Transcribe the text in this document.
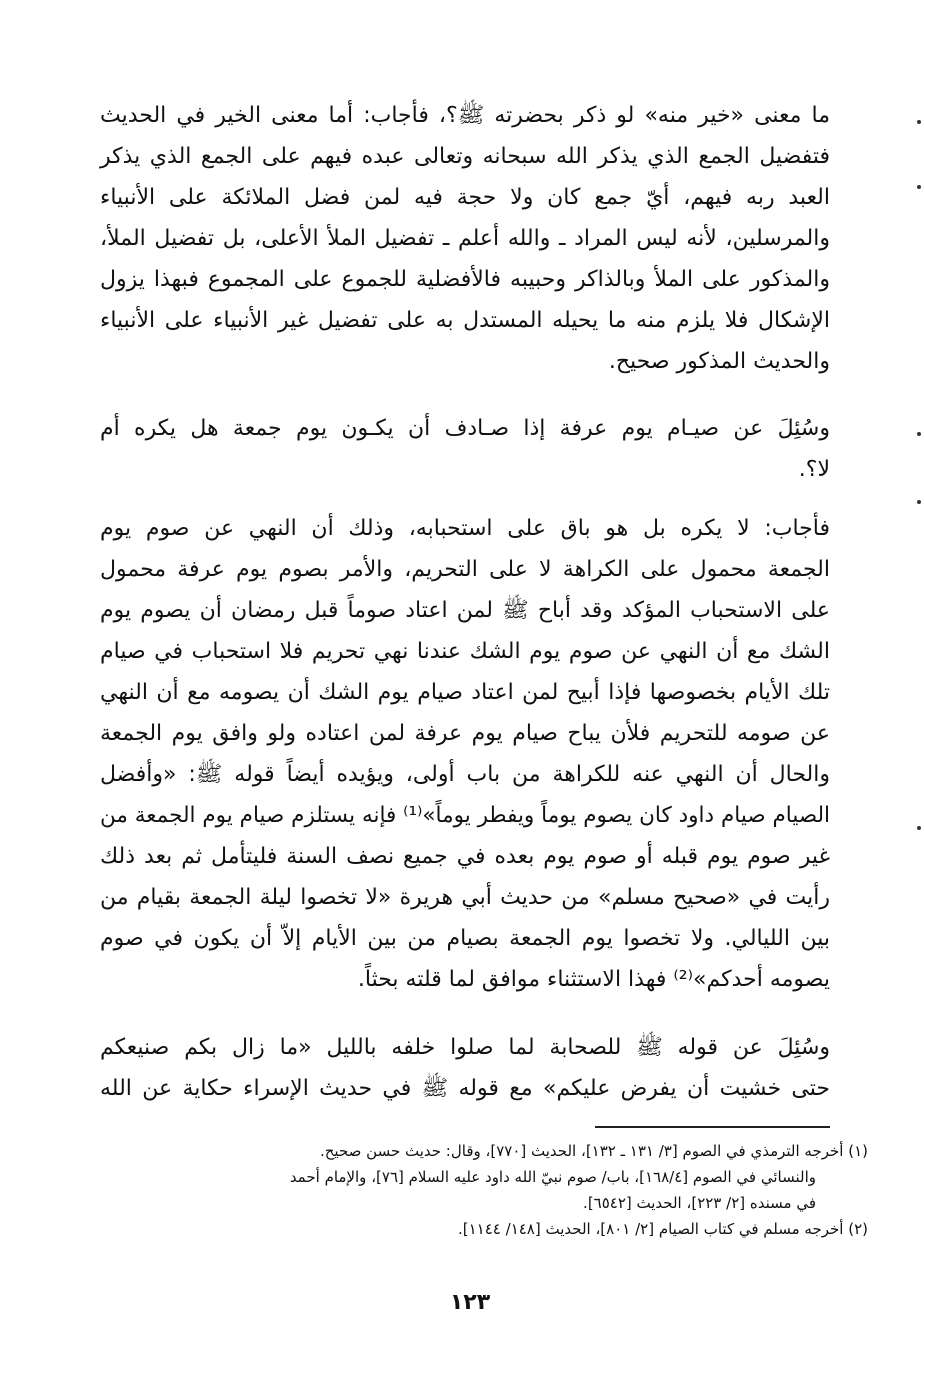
ما معنى «خير منه» لو ذكر بحضرته ﷺ؟، فأجاب: أما معنى الخير في الحديث
فتفضيل الجمع الذي يذكر الله سبحانه وتعالى عبده فيهم على الجمع الذي يذكر
العبد ربه فيهم، أيّ جمع كان ولا حجة فيه لمن فضل الملائكة على الأنبياء
والمرسلين، لأنه ليس المراد ـ والله أعلم ـ تفضيل الملأ الأعلى، بل تفضيل الملأ،
والمذكور على الملأ وبالذاكر وحبيبه فالأفضلية للجموع على المجموع فبهذا يزول
الإشكال فلا يلزم منه ما يحيله المستدل به على تفضيل غير الأنبياء على الأنبياء
والحديث المذكور صحيح.
وسُئِلَ عن صيـام يوم عرفة إذا صـادف أن يكـون يوم جمعة هل يكره أم
لا؟.
فأجاب: لا يكره بل هو باق على استحبابه، وذلك أن النهي عن صوم يوم
الجمعة محمول على الكراهة لا على التحريم، والأمر بصوم يوم عرفة محمول
على الاستحباب المؤكد وقد أباح ﷺ لمن اعتاد صوماً قبل رمضان أن يصوم يوم
الشك مع أن النهي عن صوم يوم الشك عندنا نهي تحريم فلا استحباب في صيام
تلك الأيام بخصوصها فإذا أبيح لمن اعتاد صيام يوم الشك أن يصومه مع أن النهي
عن صومه للتحريم فلأن يباح صيام يوم عرفة لمن اعتاده ولو وافق يوم الجمعة
والحال أن النهي عنه للكراهة من باب أولى، ويؤيده أيضاً قوله ﷺ: «وأفضل
الصيام صيام داود كان يصوم يوماً ويفطر يوماً»⁽¹⁾ فإنه يستلزم صيام يوم الجمعة من
غير صوم يوم قبله أو صوم يوم بعده في جميع نصف السنة فليتأمل ثم بعد ذلك
رأيت في «صحيح مسلم» من حديث أبي هريرة «لا تخصوا ليلة الجمعة بقيام من
بين الليالي. ولا تخصوا يوم الجمعة بصيام من بين الأيام إلاّ أن يكون في صوم
يصومه أحدكم»⁽²⁾ فهذا الاستثناء موافق لما قلته بحثاً.
وسُئِلَ عن قوله ﷺ للصحابة لما صلوا خلفه بالليل «ما زال بكم صنيعكم
حتى خشيت أن يفرض عليكم» مع قوله ﷺ في حديث الإسراء حكاية عن الله
(١) أخرجه الترمذي في الصوم [٣/ ١٣١ ـ ١٣٢]، الحديث [٧٧٠]، وقال: حديث حسن صحيح.
والنسائي في الصوم [١٦٨/٤]، باب/ صوم نبيّ الله داود عليه السلام [٧٦]، والإمام أحمد
في مسنده [٢/ ٢٢٣]، الحديث [٦٥٤٢].
(٢) أخرجه مسلم في كتاب الصيام [٢/ ٨٠١]، الحديث [١٤٨/ ١١٤٤].
١٢٣
